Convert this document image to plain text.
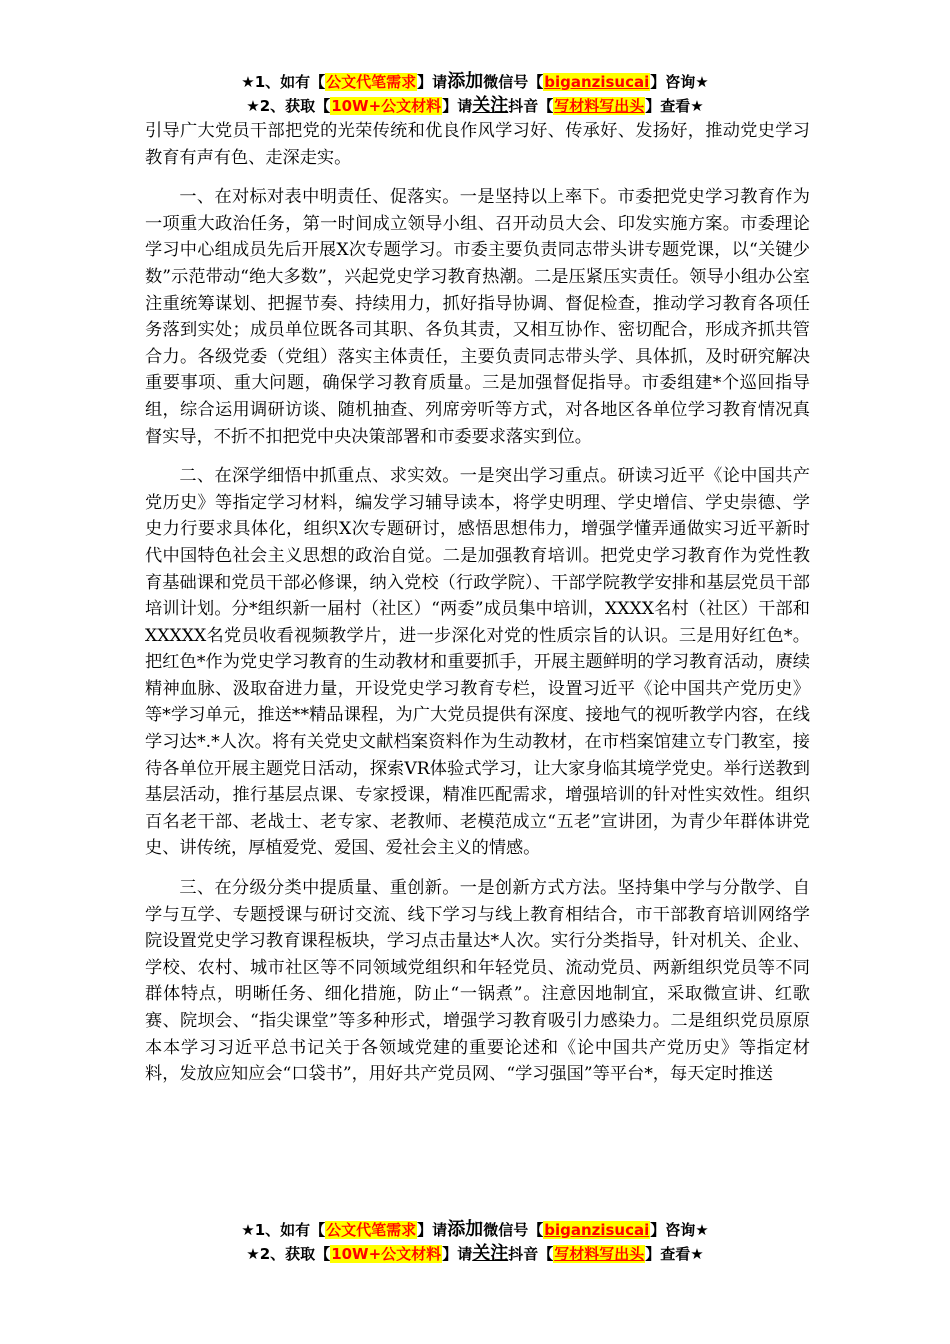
★1、如有【公文代笔需求】请添加微信号【biganzisucai】咨询★
★2、获取【10W+公文材料】请关注抖音【写材料写出头】查看★

引导广大党员干部把党的光荣传统和优良作风学习好、传承好、发扬好，推动党史学习教育有声有色、走深走实。

一、在对标对表中明责任、促落实。一是坚持以上率下。市委把党史学习教育作为一项重大政治任务，第一时间成立领导小组、召开动员大会、印发实施方案。市委理论学习中心组成员先后开展X次专题学习。市委主要负责同志带头讲专题党课，以“关键少数”示范带动“绝大多数”，兴起党史学习教育热潮。二是压紧压实责任。领导小组办公室注重统筹谋划、把握节奏、持续用力，抓好指导协调、督促检查，推动学习教育各项任务落到实处；成员单位既各司其职、各负其责，又相互协作、密切配合，形成齐抓共管合力。各级党委（党组）落实主体责任，主要负责同志带头学、具体抓，及时研究解决重要事项、重大问题，确保学习教育质量。三是加强督促指导。市委组建*个巡回指导组，综合运用调研访谈、随机抽查、列席旁听等方式，对各地区各单位学习教育情况真督实导，不折不扣把党中央决策部署和市委要求落实到位。

二、在深学细悟中抓重点、求实效。一是突出学习重点。研读习近平《论中国共产党历史》等指定学习材料，编发学习辅导读本，将学史明理、学史增信、学史崇德、学史力行要求具体化，组织X次专题研讨，感悟思想伟力，增强学懂弄通做实习近平新时代中国特色社会主义思想的政治自觉。二是加强教育培训。把党史学习教育作为党性教育基础课和党员干部必修课，纳入党校（行政学院）、干部学院教学安排和基层党员干部培训计划。分*组织新一届村（社区）“两委”成员集中培训，XXXX名村（社区）干部和XXXXX名党员收看视频教学片，进一步深化对党的性质宗旨的认识。三是用好红色*。把红色*作为党史学习教育的生动教材和重要抓手，开展主题鲜明的学习教育活动，赓续精神血脉、汲取奋进力量，开设党史学习教育专栏，设置习近平《论中国共产党历史》等*学习单元，推送**精品课程，为广大党员提供有深度、接地气的视听教学内容，在线学习达*.*人次。将有关党史文献档案资料作为生动教材，在市档案馆建立专门教室，接待各单位开展主题党日活动，探索VR体验式学习，让大家身临其境学党史。举行送教到基层活动，推行基层点课、专家授课，精准匹配需求，增强培训的针对性实效性。组织百名老干部、老战士、老专家、老教师、老模范成立“五老”宣讲团，为青少年群体讲党史、讲传统，厚植爱党、爱国、爱社会主义的情感。

三、在分级分类中提质量、重创新。一是创新方式方法。坚持集中学与分散学、自学与互学、专题授课与研讨交流、线下学习与线上教育相结合，市干部教育培训网络学院设置党史学习教育课程板块，学习点击量达*人次。实行分类指导，针对机关、企业、学校、农村、城市社区等不同领域党组织和年轻党员、流动党员、两新组织党员等不同群体特点，明晰任务、细化措施，防止“一锅煮”。注意因地制宜，采取微宣讲、红歌赛、院坝会、“指尖课堂”等多种形式，增强学习教育吸引力感染力。二是组织党员原原本本学习习近平总书记关于各领域党建的重要论述和《论中国共产党历史》等指定材料，发放应知应会“口袋书”，用好共产党员网、“学习强国”等平台*，每天定时推送

★1、如有【公文代笔需求】请添加微信号【biganzisucai】咨询★
★2、获取【10W+公文材料】请关注抖音【写材料写出头】查看★
